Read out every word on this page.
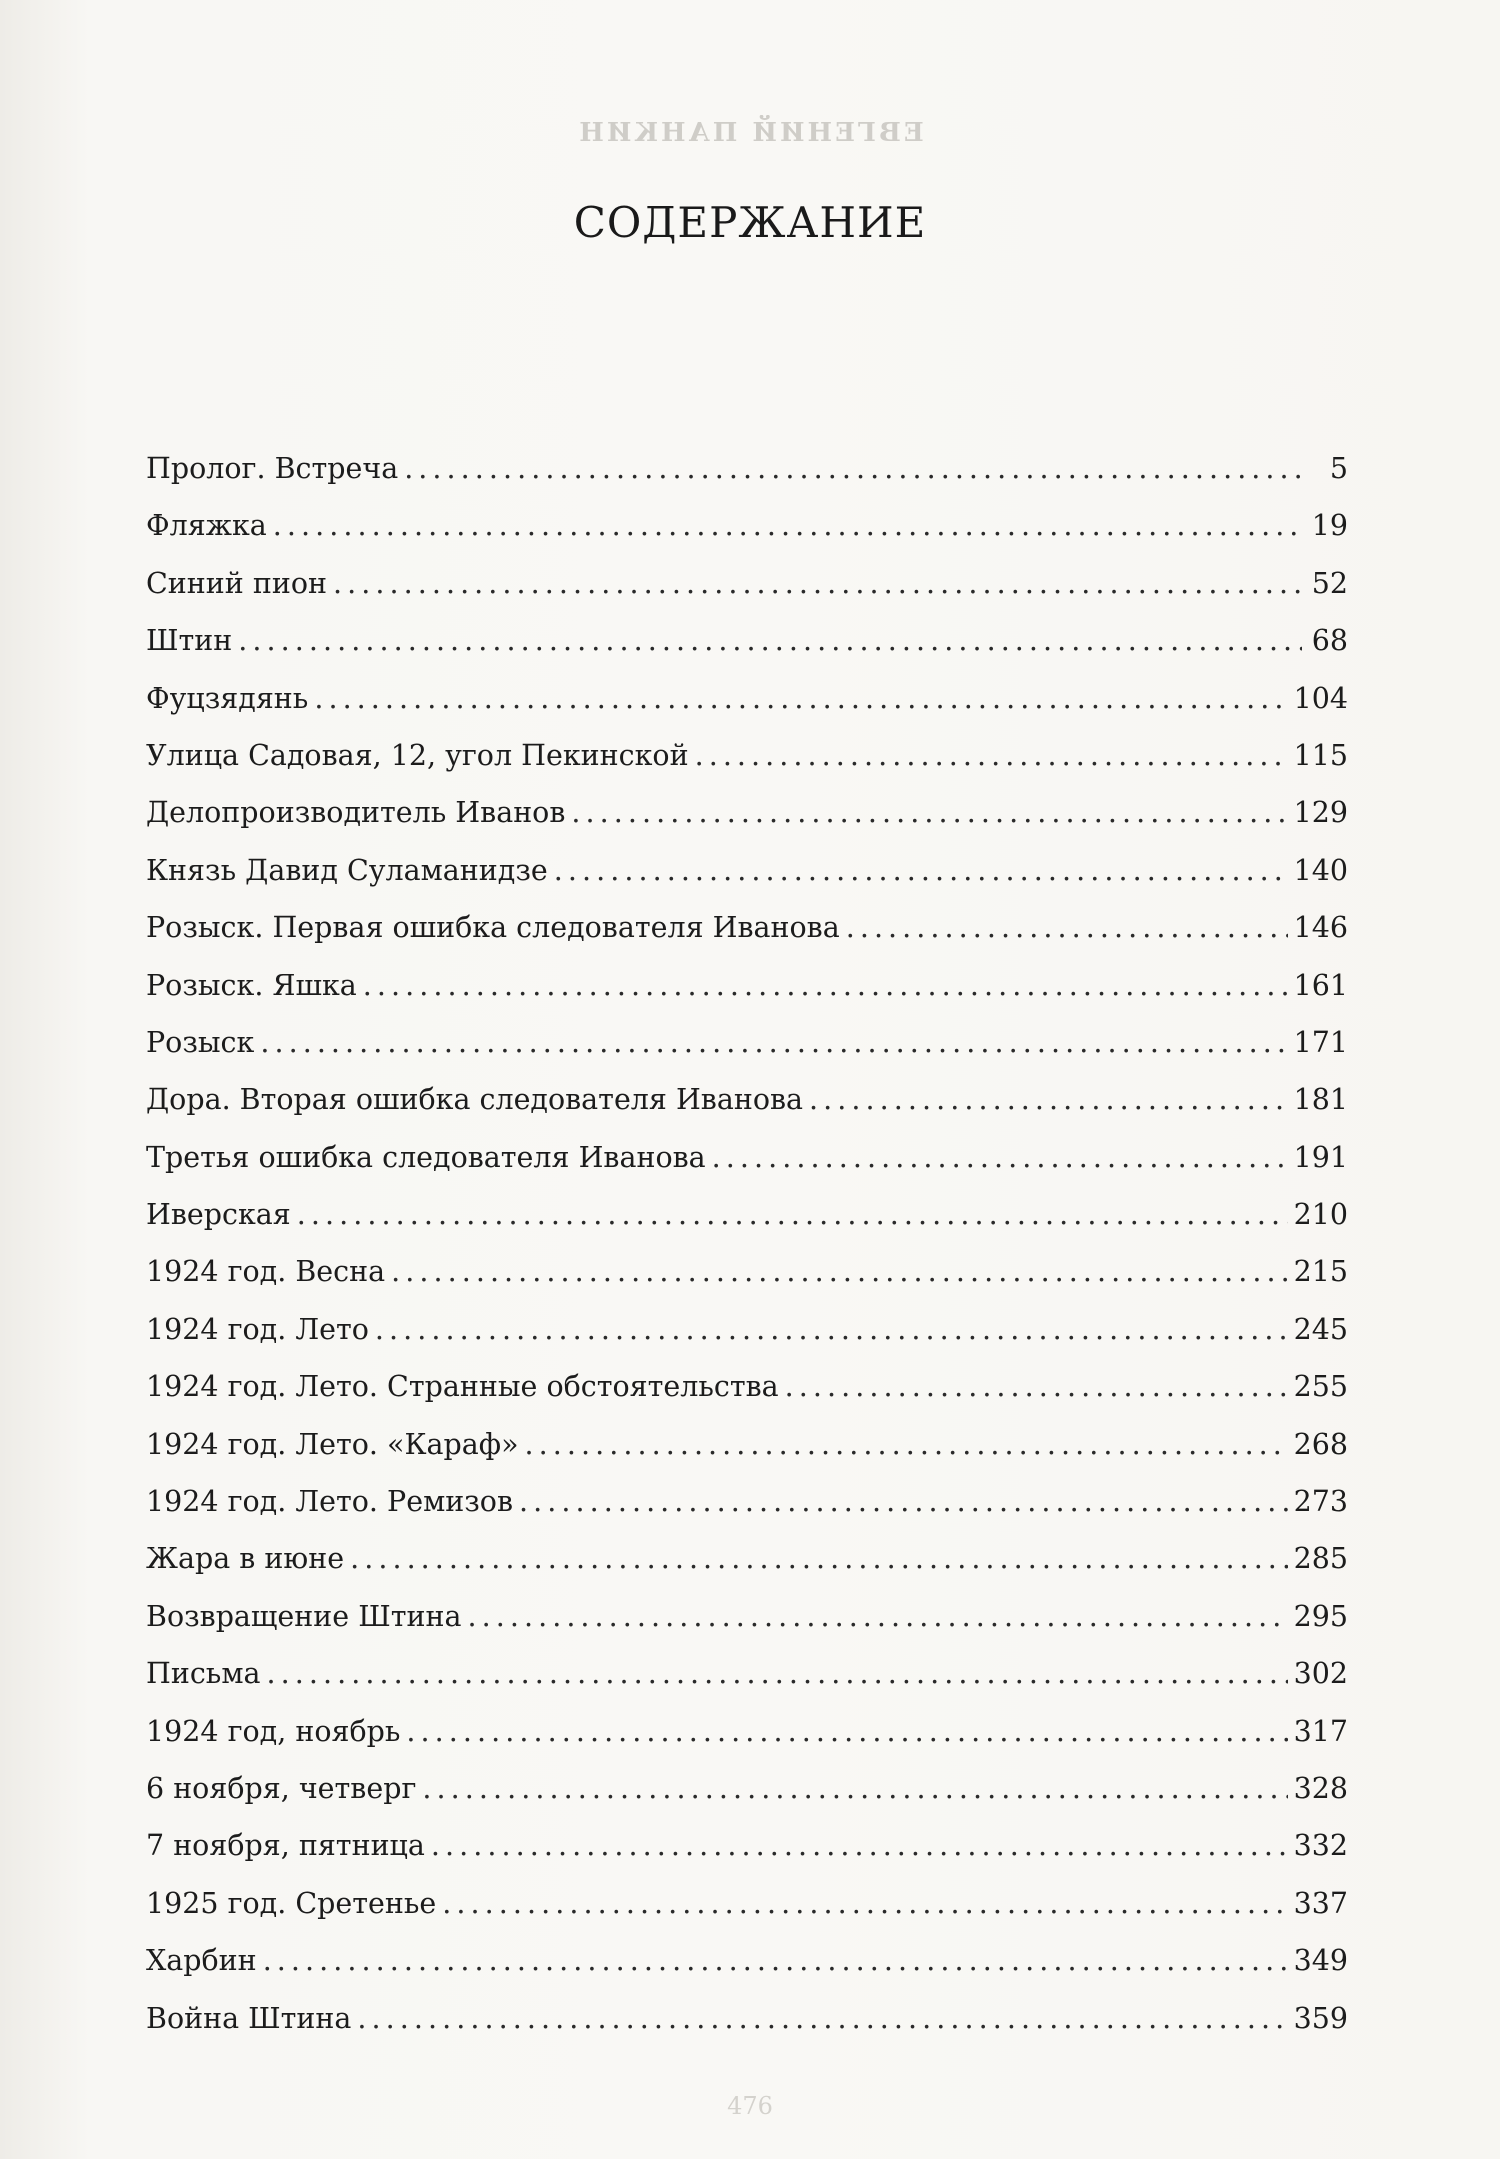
ЕВГЕНИЙ ПАНКИН
СОДЕРЖАНИЕ
Пролог. Встреча . . .	5
Фляжка . . .	19
Синий пион . . .	52
Штин . . .	68
Фуцзядянь . . .	104
Улица Садовая, 12, угол Пекинской . . .	115
Делопроизводитель Иванов . . .	129
Князь Давид Суламанидзе . . .	140
Розыск. Первая ошибка следователя Иванова . . .	146
Розыск. Яшка . . .	161
Розыск . . .	171
Дора. Вторая ошибка следователя Иванова . . .	181
Третья ошибка следователя Иванова . . .	191
Иверская . . .	210
1924 год. Весна . . .	215
1924 год. Лето . . .	245
1924 год. Лето. Странные обстоятельства . . .	255
1924 год. Лето. «Караф» . . .	268
1924 год. Лето. Ремизов . . .	273
Жара в июне . . .	285
Возвращение Штина . . .	295
Письма . . .	302
1924 год, ноябрь . . .	317
6 ноября, четверг . . .	328
7 ноября, пятница . . .	332
1925 год. Сретенье . . .	337
Харбин . . .	349
Война Штина . . .	359
476
